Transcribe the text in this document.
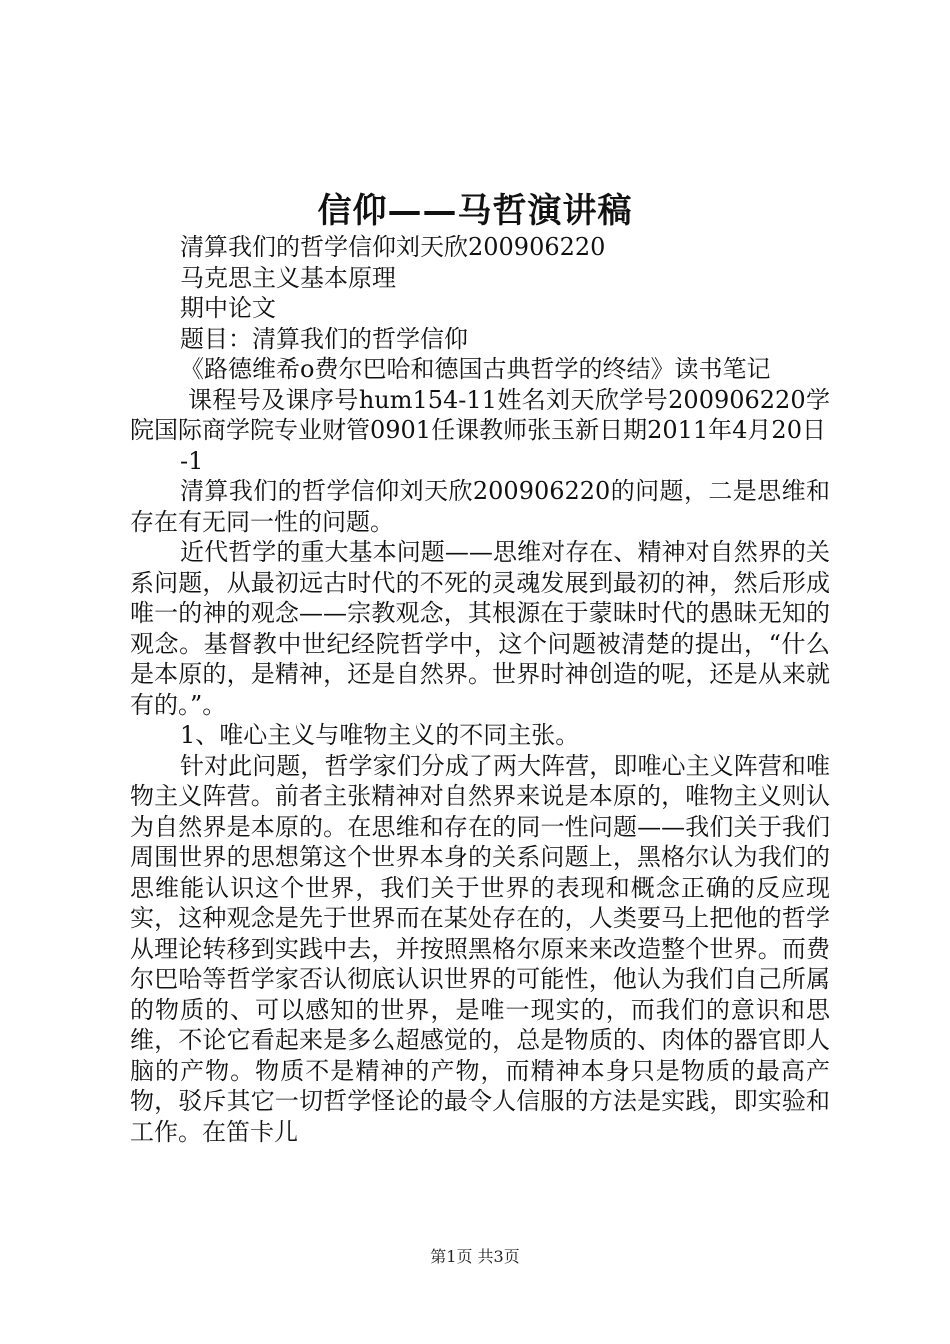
信仰——马哲演讲稿

清算我们的哲学信仰刘天欣200906220

马克思主义基本原理

期中论文

题目：清算我们的哲学信仰

《路德维希o费尔巴哈和德国古典哲学的终结》读书笔记

课程号及课序号hum154-11姓名刘天欣学号200906220学院国际商学院专业财管0901任课教师张玉新日期2011年4月20日

-1

清算我们的哲学信仰刘天欣200906220的问题，二是思维和存在有无同一性的问题。

近代哲学的重大基本问题——思维对存在、精神对自然界的关系问题，从最初远古时代的不死的灵魂发展到最初的神，然后形成唯一的神的观念——宗教观念，其根源在于蒙昧时代的愚昧无知的观念。基督教中世纪经院哲学中，这个问题被清楚的提出，“什么是本原的，是精神，还是自然界。世界时神创造的呢，还是从来就有的。”。

1、唯心主义与唯物主义的不同主张。

针对此问题，哲学家们分成了两大阵营，即唯心主义阵营和唯物主义阵营。前者主张精神对自然界来说是本原的，唯物主义则认为自然界是本原的。在思维和存在的同一性问题——我们关于我们周围世界的思想第这个世界本身的关系问题上，黑格尔认为我们的思维能认识这个世界，我们关于世界的表现和概念正确的反应现实，这种观念是先于世界而在某处存在的，人类要马上把他的哲学从理论转移到实践中去，并按照黑格尔原来来改造整个世界。而费尔巴哈等哲学家否认彻底认识世界的可能性，他认为我们自己所属的物质的、可以感知的世界，是唯一现实的，而我们的意识和思维，不论它看起来是多么超感觉的，总是物质的、肉体的器官即人脑的产物。物质不是精神的产物，而精神本身只是物质的最高产物，驳斥其它一切哲学怪论的最令人信服的方法是实践，即实验和工作。在笛卡儿

第1页 共3页
